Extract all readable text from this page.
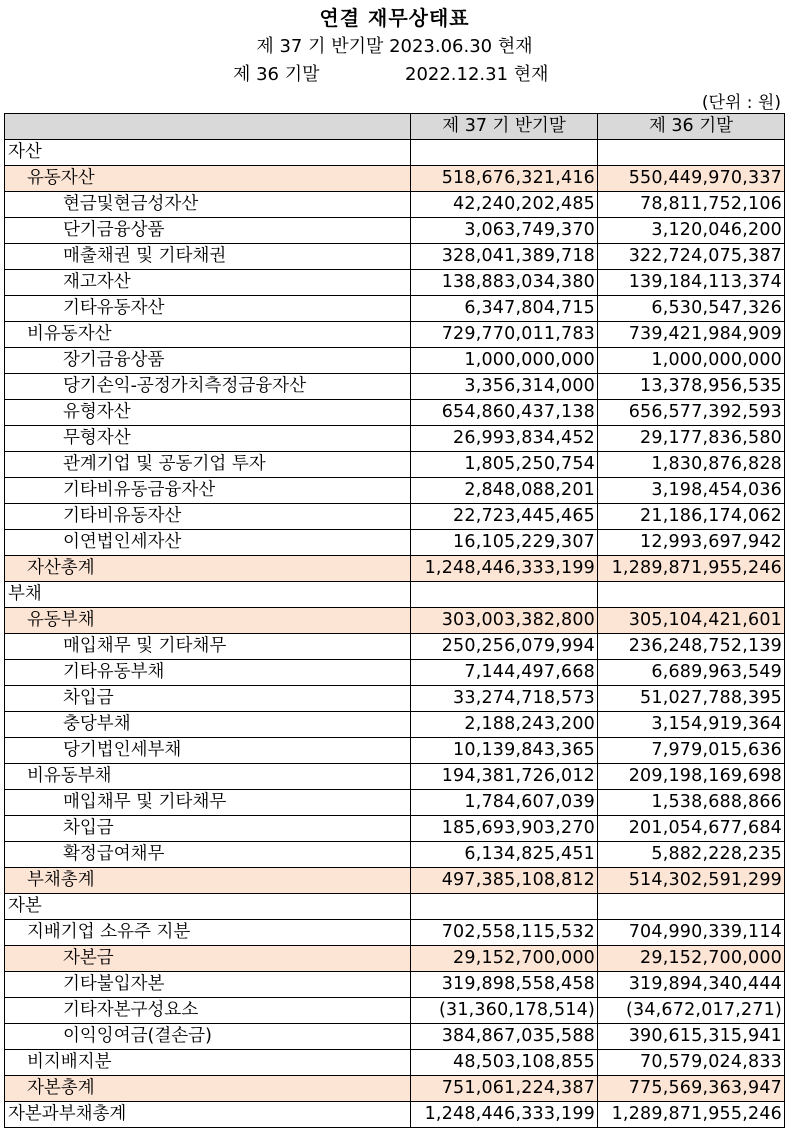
연결 재무상태표
제 37 기 반기말 2023.06.30 현재
제 36 기말	2022.12.31 현재
(단위 : 원)
	제 37 기 반기말	제 36 기말
자산		
유동자산	518,676,321,416	550,449,970,337
현금및현금성자산	42,240,202,485	78,811,752,106
단기금융상품	3,063,749,370	3,120,046,200
매출채권 및 기타채권	328,041,389,718	322,724,075,387
재고자산	138,883,034,380	139,184,113,374
기타유동자산	6,347,804,715	6,530,547,326
비유동자산	729,770,011,783	739,421,984,909
장기금융상품	1,000,000,000	1,000,000,000
당기손익-공정가치측정금융자산	3,356,314,000	13,378,956,535
유형자산	654,860,437,138	656,577,392,593
무형자산	26,993,834,452	29,177,836,580
관계기업 및 공동기업 투자	1,805,250,754	1,830,876,828
기타비유동금융자산	2,848,088,201	3,198,454,036
기타비유동자산	22,723,445,465	21,186,174,062
이연법인세자산	16,105,229,307	12,993,697,942
자산총계	1,248,446,333,199	1,289,871,955,246
부채		
유동부채	303,003,382,800	305,104,421,601
매입채무 및 기타채무	250,256,079,994	236,248,752,139
기타유동부채	7,144,497,668	6,689,963,549
차입금	33,274,718,573	51,027,788,395
충당부채	2,188,243,200	3,154,919,364
당기법인세부채	10,139,843,365	7,979,015,636
비유동부채	194,381,726,012	209,198,169,698
매입채무 및 기타채무	1,784,607,039	1,538,688,866
차입금	185,693,903,270	201,054,677,684
확정급여채무	6,134,825,451	5,882,228,235
부채총계	497,385,108,812	514,302,591,299
자본		
지배기업 소유주 지분	702,558,115,532	704,990,339,114
자본금	29,152,700,000	29,152,700,000
기타불입자본	319,898,558,458	319,894,340,444
기타자본구성요소	(31,360,178,514)	(34,672,017,271)
이익잉여금(결손금)	384,867,035,588	390,615,315,941
비지배지분	48,503,108,855	70,579,024,833
자본총계	751,061,224,387	775,569,363,947
자본과부채총계	1,248,446,333,199	1,289,871,955,246
